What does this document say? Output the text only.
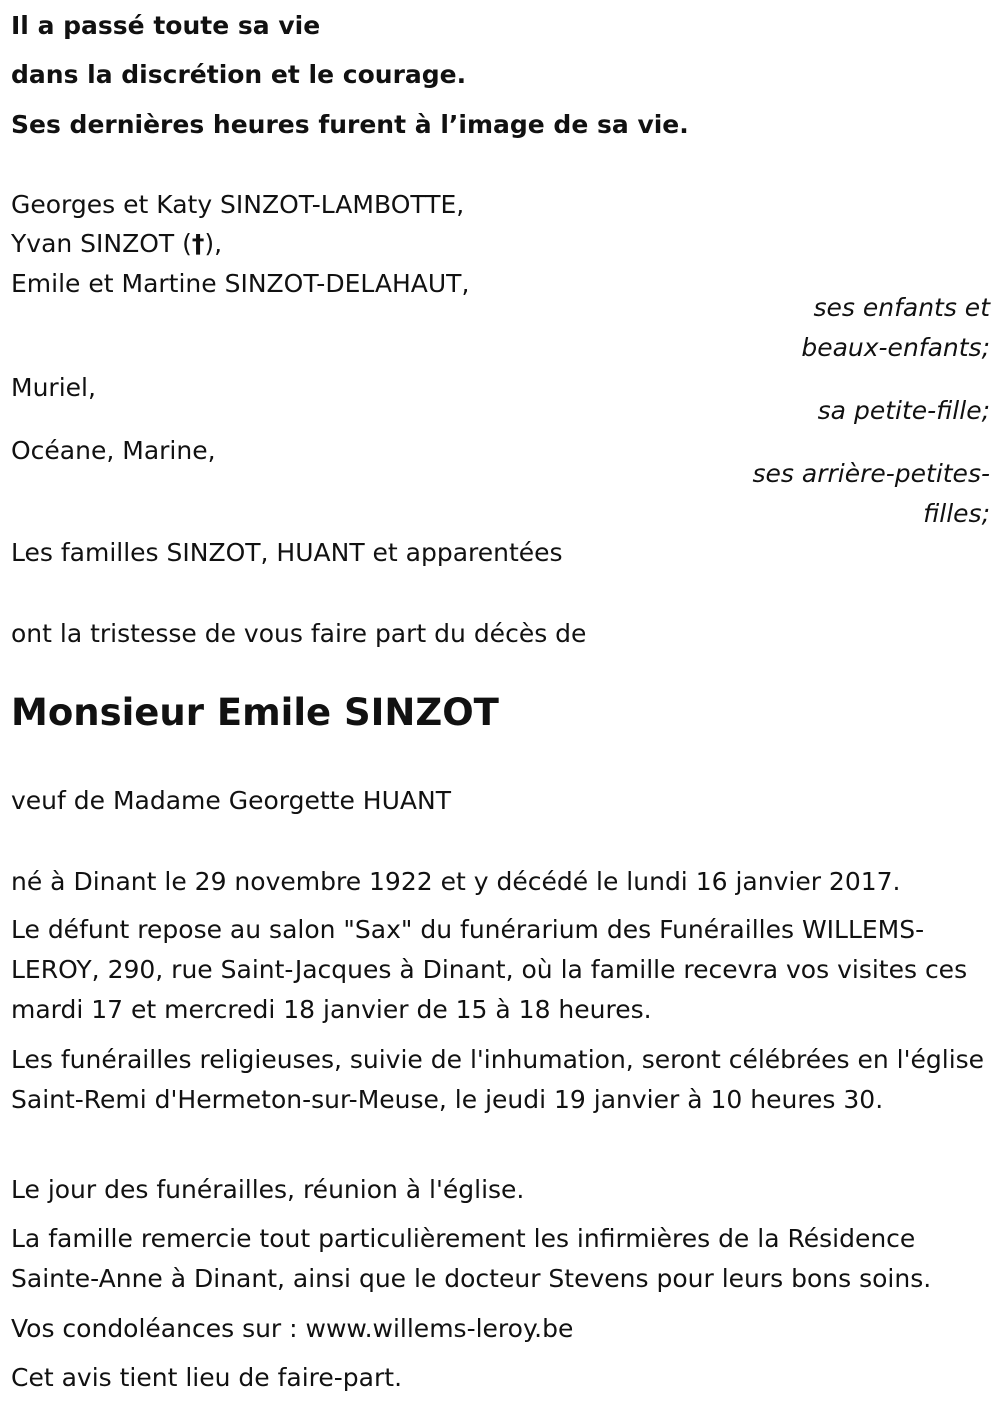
Il a passé toute sa vie
dans la discrétion et le courage.
Ses dernières heures furent à l’image de sa vie.
Georges et Katy SINZOT-LAMBOTTE,
Yvan SINZOT (†),
Emile et Martine SINZOT-DELAHAUT,
ses enfants et
beaux-enfants;
Muriel,
sa petite-fille;
Océane, Marine,
ses arrière-petites-
filles;
Les familles SINZOT, HUANT et apparentées
ont la tristesse de vous faire part du décès de
Monsieur Emile SINZOT
veuf de Madame Georgette HUANT
né à Dinant le 29 novembre 1922 et y décédé le lundi 16 janvier 2017.
Le défunt repose au salon "Sax" du funérarium des Funérailles WILLEMS-LEROY, 290, rue Saint-Jacques à Dinant, où la famille recevra vos visites ces mardi 17 et mercredi 18 janvier de 15 à 18 heures.
Les funérailles religieuses, suivie de l'inhumation, seront célébrées en l'église Saint-Remi d'Hermeton-sur-Meuse, le jeudi 19 janvier à 10 heures 30.
Le jour des funérailles, réunion à l'église.
La famille remercie tout particulièrement les infirmières de la Résidence Sainte-Anne à Dinant, ainsi que le docteur Stevens pour leurs bons soins.
Vos condoléances sur : www.willems-leroy.be
Cet avis tient lieu de faire-part.
